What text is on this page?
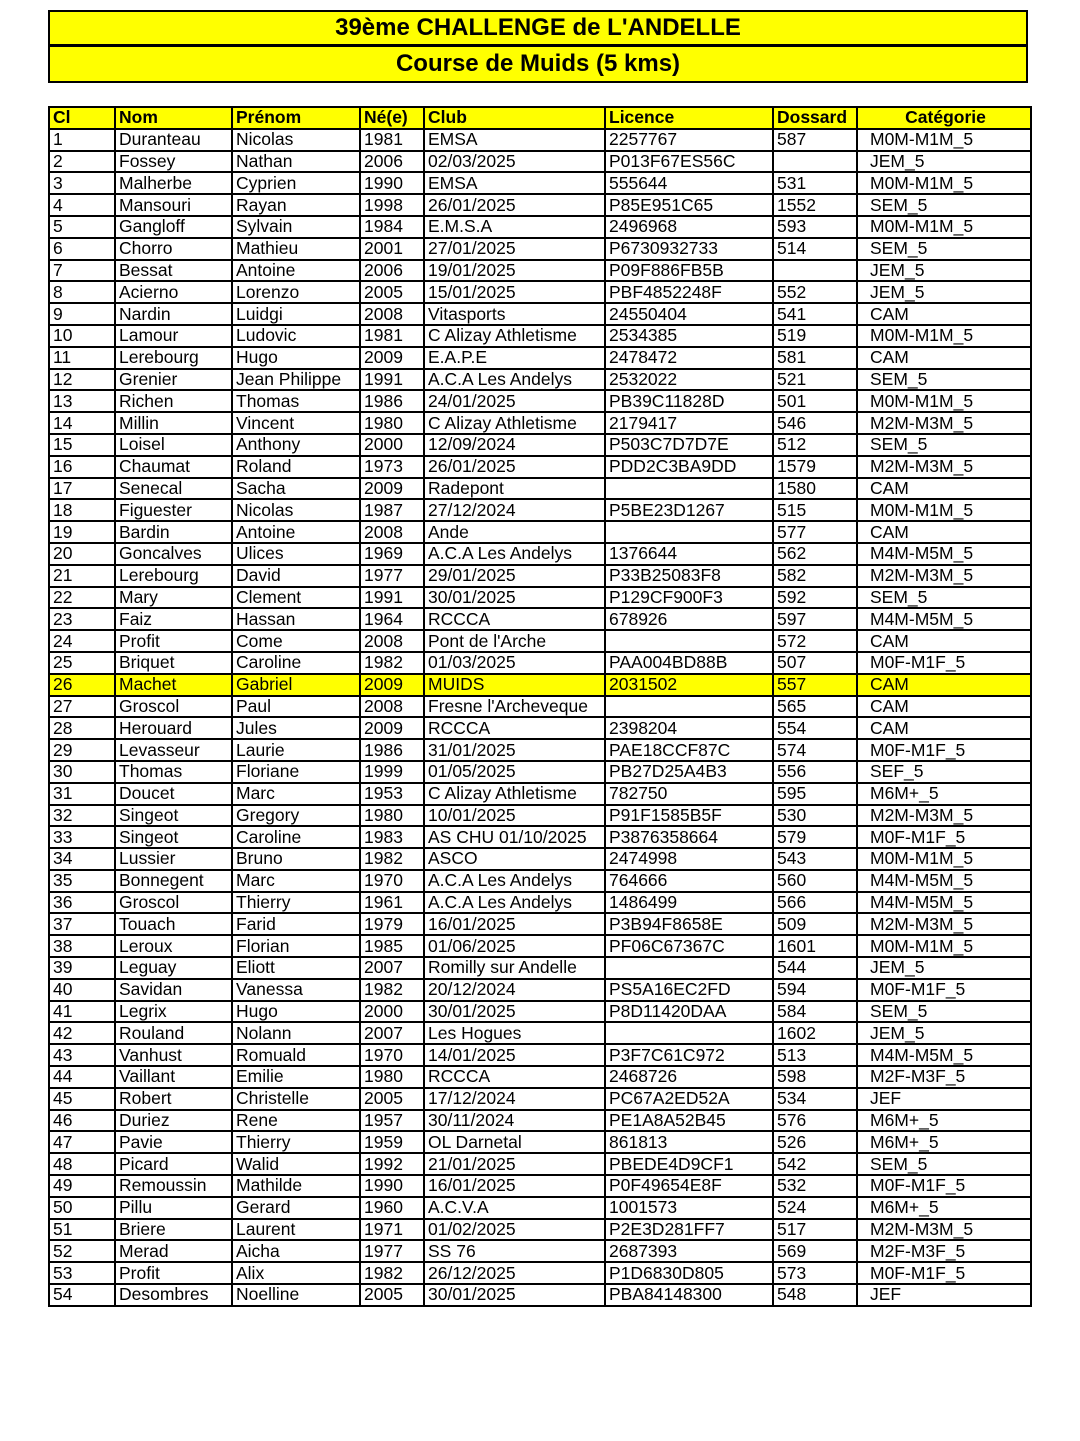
39ème CHALLENGE de L'ANDELLE
Course de Muids (5 kms)
Cl	Nom	Prénom	Né(e)	Club	Licence	Dossard	Catégorie
1	Duranteau	Nicolas	1981	EMSA	2257767	587	M0M-M1M_5
2	Fossey	Nathan	2006	02/03/2025	P013F67ES56C		JEM_5
3	Malherbe	Cyprien	1990	EMSA	555644	531	M0M-M1M_5
4	Mansouri	Rayan	1998	26/01/2025	P85E951C65	1552	SEM_5
5	Gangloff	Sylvain	1984	E.M.S.A	2496968	593	M0M-M1M_5
6	Chorro	Mathieu	2001	27/01/2025	P6730932733	514	SEM_5
7	Bessat	Antoine	2006	19/01/2025	P09F886FB5B		JEM_5
8	Acierno	Lorenzo	2005	15/01/2025	PBF4852248F	552	JEM_5
9	Nardin	Luidgi	2008	Vitasports	24550404	541	CAM
10	Lamour	Ludovic	1981	C Alizay Athletisme	2534385	519	M0M-M1M_5
11	Lerebourg	Hugo	2009	E.A.P.E	2478472	581	CAM
12	Grenier	Jean Philippe	1991	A.C.A Les Andelys	2532022	521	SEM_5
13	Richen	Thomas	1986	24/01/2025	PB39C11828D	501	M0M-M1M_5
14	Millin	Vincent	1980	C Alizay Athletisme	2179417	546	M2M-M3M_5
15	Loisel	Anthony	2000	12/09/2024	P503C7D7D7E	512	SEM_5
16	Chaumat	Roland	1973	26/01/2025	PDD2C3BA9DD	1579	M2M-M3M_5
17	Senecal	Sacha	2009	Radepont		1580	CAM
18	Figuester	Nicolas	1987	27/12/2024	P5BE23D1267	515	M0M-M1M_5
19	Bardin	Antoine	2008	Ande		577	CAM
20	Goncalves	Ulices	1969	A.C.A Les Andelys	1376644	562	M4M-M5M_5
21	Lerebourg	David	1977	29/01/2025	P33B25083F8	582	M2M-M3M_5
22	Mary	Clement	1991	30/01/2025	P129CF900F3	592	SEM_5
23	Faiz	Hassan	1964	RCCCA	678926	597	M4M-M5M_5
24	Profit	Come	2008	Pont de l'Arche		572	CAM
25	Briquet	Caroline	1982	01/03/2025	PAA004BD88B	507	M0F-M1F_5
26	Machet	Gabriel	2009	MUIDS	2031502	557	CAM
27	Groscol	Paul	2008	Fresne l'Archeveque		565	CAM
28	Herouard	Jules	2009	RCCCA	2398204	554	CAM
29	Levasseur	Laurie	1986	31/01/2025	PAE18CCF87C	574	M0F-M1F_5
30	Thomas	Floriane	1999	01/05/2025	PB27D25A4B3	556	SEF_5
31	Doucet	Marc	1953	C Alizay Athletisme	782750	595	M6M+_5
32	Singeot	Gregory	1980	10/01/2025	P91F1585B5F	530	M2M-M3M_5
33	Singeot	Caroline	1983	AS CHU 01/10/2025	P3876358664	579	M0F-M1F_5
34	Lussier	Bruno	1982	ASCO	2474998	543	M0M-M1M_5
35	Bonnegent	Marc	1970	A.C.A Les Andelys	764666	560	M4M-M5M_5
36	Groscol	Thierry	1961	A.C.A Les Andelys	1486499	566	M4M-M5M_5
37	Touach	Farid	1979	16/01/2025	P3B94F8658E	509	M2M-M3M_5
38	Leroux	Florian	1985	01/06/2025	PF06C67367C	1601	M0M-M1M_5
39	Leguay	Eliott	2007	Romilly sur Andelle		544	JEM_5
40	Savidan	Vanessa	1982	20/12/2024	PS5A16EC2FD	594	M0F-M1F_5
41	Legrix	Hugo	2000	30/01/2025	P8D11420DAA	584	SEM_5
42	Rouland	Nolann	2007	Les Hogues		1602	JEM_5
43	Vanhust	Romuald	1970	14/01/2025	P3F7C61C972	513	M4M-M5M_5
44	Vaillant	Emilie	1980	RCCCA	2468726	598	M2F-M3F_5
45	Robert	Christelle	2005	17/12/2024	PC67A2ED52A	534	JEF
46	Duriez	Rene	1957	30/11/2024	PE1A8A52B45	576	M6M+_5
47	Pavie	Thierry	1959	OL Darnetal	861813	526	M6M+_5
48	Picard	Walid	1992	21/01/2025	PBEDE4D9CF1	542	SEM_5
49	Remoussin	Mathilde	1990	16/01/2025	P0F49654E8F	532	M0F-M1F_5
50	Pillu	Gerard	1960	A.C.V.A	1001573	524	M6M+_5
51	Briere	Laurent	1971	01/02/2025	P2E3D281FF7	517	M2M-M3M_5
52	Merad	Aicha	1977	SS 76	2687393	569	M2F-M3F_5
53	Profit	Alix	1982	26/12/2025	P1D6830D805	573	M0F-M1F_5
54	Desombres	Noelline	2005	30/01/2025	PBA84148300	548	JEF
